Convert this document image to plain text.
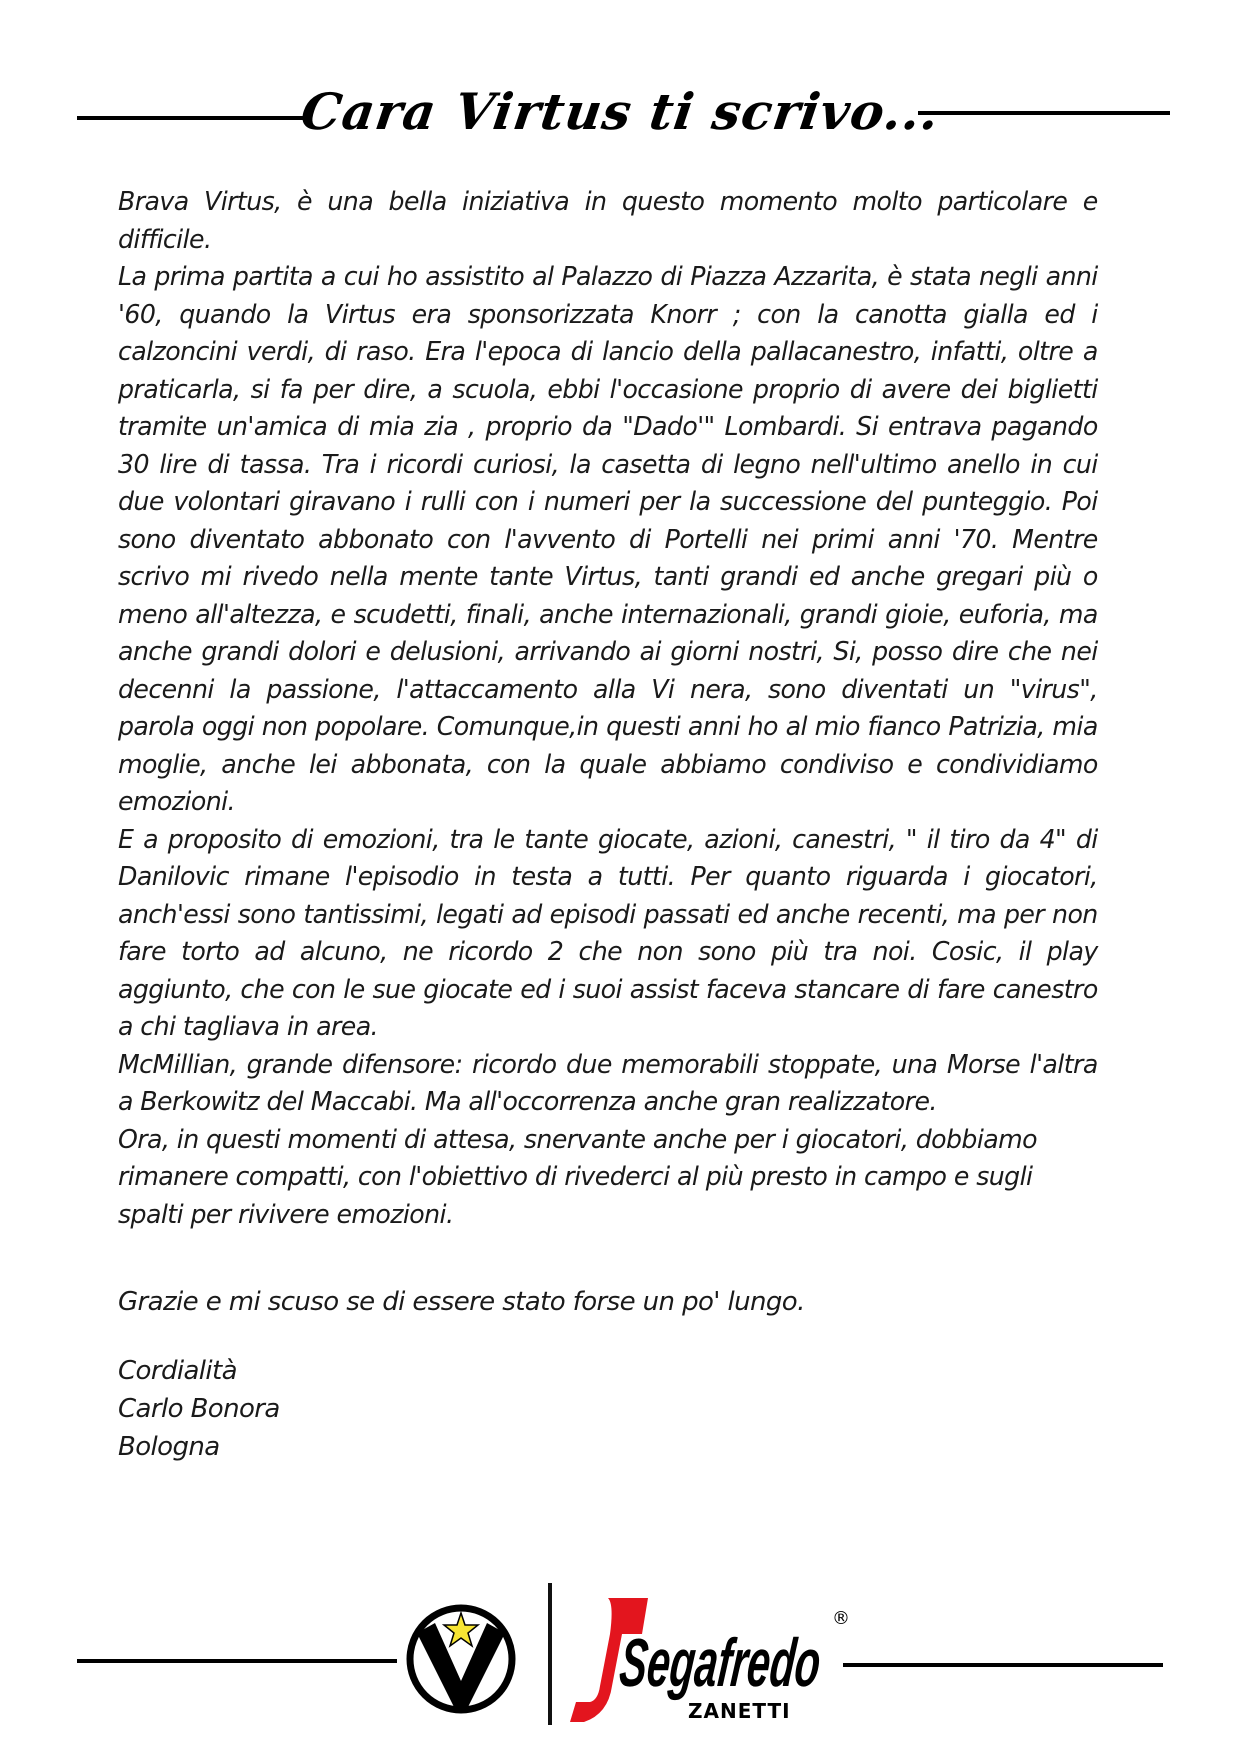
Cara Virtus ti scrivo...

Brava Virtus, è una bella iniziativa in questo momento molto particolare e difficile.

La prima partita a cui ho assistito al Palazzo di Piazza Azzarita, è stata negli anni '60, quando la Virtus era sponsorizzata Knorr ; con la canotta gialla ed i calzoncini verdi, di raso. Era l'epoca di lancio della pallacanestro, infatti, oltre a praticarla, si fa per dire, a scuola, ebbi l'occasione proprio di avere dei biglietti tramite un'amica di mia zia , proprio da "Dado'" Lombardi. Si entrava pagando 30 lire di tassa. Tra i ricordi curiosi, la casetta di legno nell'ultimo anello in cui due volontari giravano i rulli con i numeri per la successione del punteggio. Poi sono diventato abbonato con l'avvento di Portelli nei primi anni '70. Mentre scrivo mi rivedo nella mente tante Virtus, tanti grandi ed anche gregari più o meno all'altezza, e scudetti, finali, anche internazionali, grandi gioie, euforia, ma anche grandi dolori e delusioni, arrivando ai giorni nostri, Si, posso dire che nei decenni la passione, l'attaccamento alla Vi nera, sono diventati un "virus", parola oggi non popolare. Comunque,in questi anni ho al mio fianco Patrizia, mia moglie, anche lei abbonata, con la quale abbiamo condiviso e condividiamo emozioni.

E a proposito di emozioni, tra le tante giocate, azioni, canestri, " il tiro da 4" di Danilovic rimane l'episodio in testa a tutti. Per quanto riguarda i giocatori, anch'essi sono tantissimi, legati ad episodi passati ed anche recenti, ma per non fare torto ad alcuno, ne ricordo 2 che non sono più tra noi. Cosic, il play aggiunto, che con le sue giocate ed i suoi assist faceva stancare di fare canestro a chi tagliava in area.

McMillian, grande difensore: ricordo due memorabili stoppate, una Morse l'altra a Berkowitz del Maccabi. Ma all'occorrenza anche gran realizzatore.

Ora, in questi momenti di attesa, snervante anche per i giocatori, dobbiamo rimanere compatti, con l'obiettivo di rivederci al più presto in campo e sugli spalti per rivivere emozioni.

Grazie e mi scuso se di essere stato forse un po' lungo.
Cordialità
Carlo Bonora
Bologna
Segafredo
®
ZANETTI
